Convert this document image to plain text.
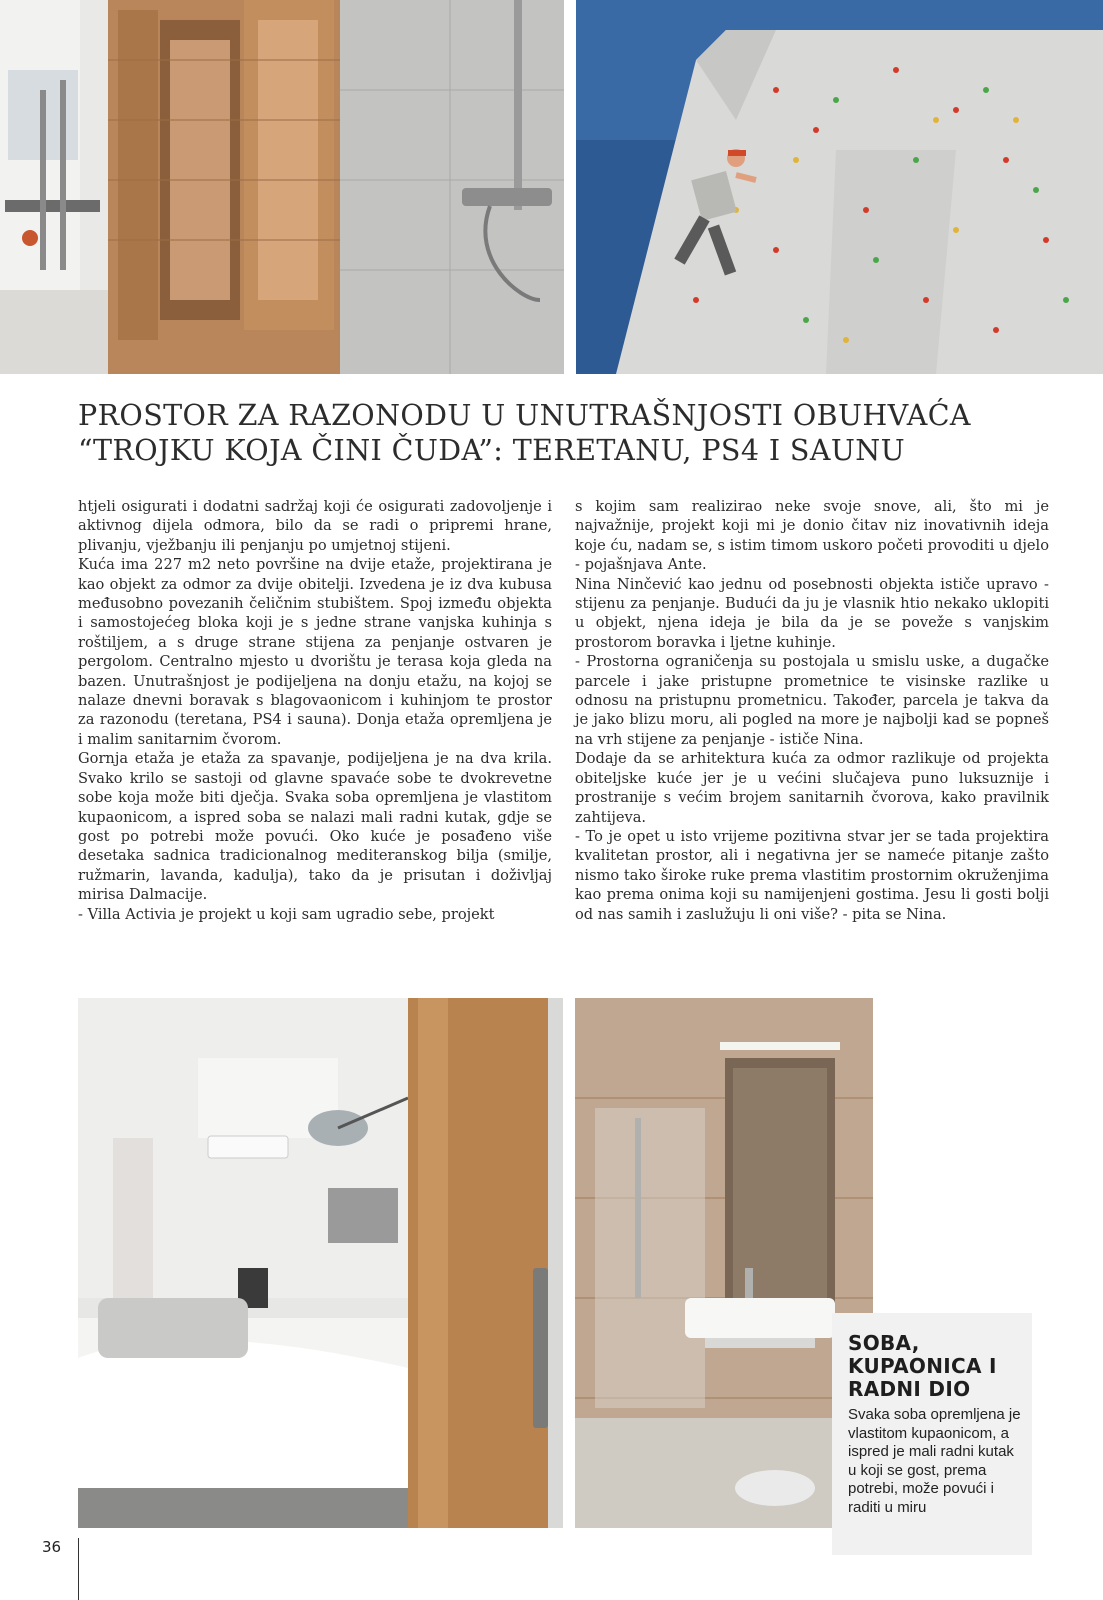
PROSTOR ZA RAZONODU U UNUTRAŠNJOSTI OBUHVAĆA
“TROJKU KOJA ČINI ČUDA”: TERETANU, PS4 I SAUNU

htjeli osigurati i dodatni sadržaj koji će osigurati zadovoljenje i aktivnog dijela odmora, bilo da se radi o pripremi hrane, plivanju, vježbanju ili penjanju po umjetnoj stijeni.

Kuća ima 227 m2 neto površine na dvije etaže, projektirana je kao objekt za odmor za dvije obitelji. Izvedena je iz dva kubusa međusobno povezanih čeličnim stubištem. Spoj između objekta i samostojećeg bloka koji je s jedne strane vanjska kuhinja s roštiljem, a s druge strane stijena za penjanje ostvaren je pergolom. Centralno mjesto u dvorištu je terasa koja gleda na bazen. Unutrašnjost je podijeljena na donju etažu, na kojoj se nalaze dnevni boravak s blagovaonicom i kuhinjom te prostor za razonodu (teretana, PS4 i sauna). Donja etaža opremljena je i malim sanitarnim čvorom.

Gornja etaža je etaža za spavanje, podijeljena je na dva krila. Svako krilo se sastoji od glavne spavaće sobe te dvokrevetne sobe koja može biti dječja. Svaka soba opremljena je vlastitom kupaonicom, a ispred soba se nalazi mali radni kutak, gdje se gost po potrebi može povući. Oko kuće je posađeno više desetaka sadnica tradicionalnog mediteranskog bilja (smilje, ružmarin, lavanda, kadulja), tako da je prisutan i doživljaj mirisa Dalmacije.

- Villa Activia je projekt u koji sam ugradio sebe, projekt

s kojim sam realizirao neke svoje snove, ali, što mi je najvažnije, projekt koji mi je donio čitav niz inovativnih ideja koje ću, nadam se, s istim timom uskoro početi provoditi u djelo - pojašnjava Ante.

Nina Ninčević kao jednu od posebnosti objekta ističe upravo - stijenu za penjanje. Budući da ju je vlasnik htio nekako uklopiti u objekt, njena ideja je bila da je se poveže s vanjskim prostorom boravka i ljetne kuhinje.

- Prostorna ograničenja su postojala u smislu uske, a dugačke parcele i jake pristupne prometnice te visinske razlike u odnosu na pristupnu prometnicu. Također, parcela je takva da je jako blizu moru, ali pogled na more je najbolji kad se popneš na vrh stijene za penjanje - ističe Nina.

Dodaje da se arhitektura kuća za odmor razlikuje od projekta obiteljske kuće jer je u većini slučajeva puno luksuznije i prostranije s većim brojem sanitarnih čvorova, kako pravilnik zahtijeva.

- To je opet u isto vrijeme pozitivna stvar jer se tada projektira kvalitetan prostor, ali i negativna jer se nameće pitanje zašto nismo tako široke ruke prema vlastitim prostornim okruženjima kao prema onima koji su namijenjeni gostima. Jesu li gosti bolji od nas samih i zaslužuju li oni više? - pita se Nina.

SOBA, KUPAONICA I RADNI DIO

Svaka soba opremljena je vlastitom kupaonicom, a ispred je mali radni kutak u koji se gost, prema potrebi, može povući i raditi u miru

36
